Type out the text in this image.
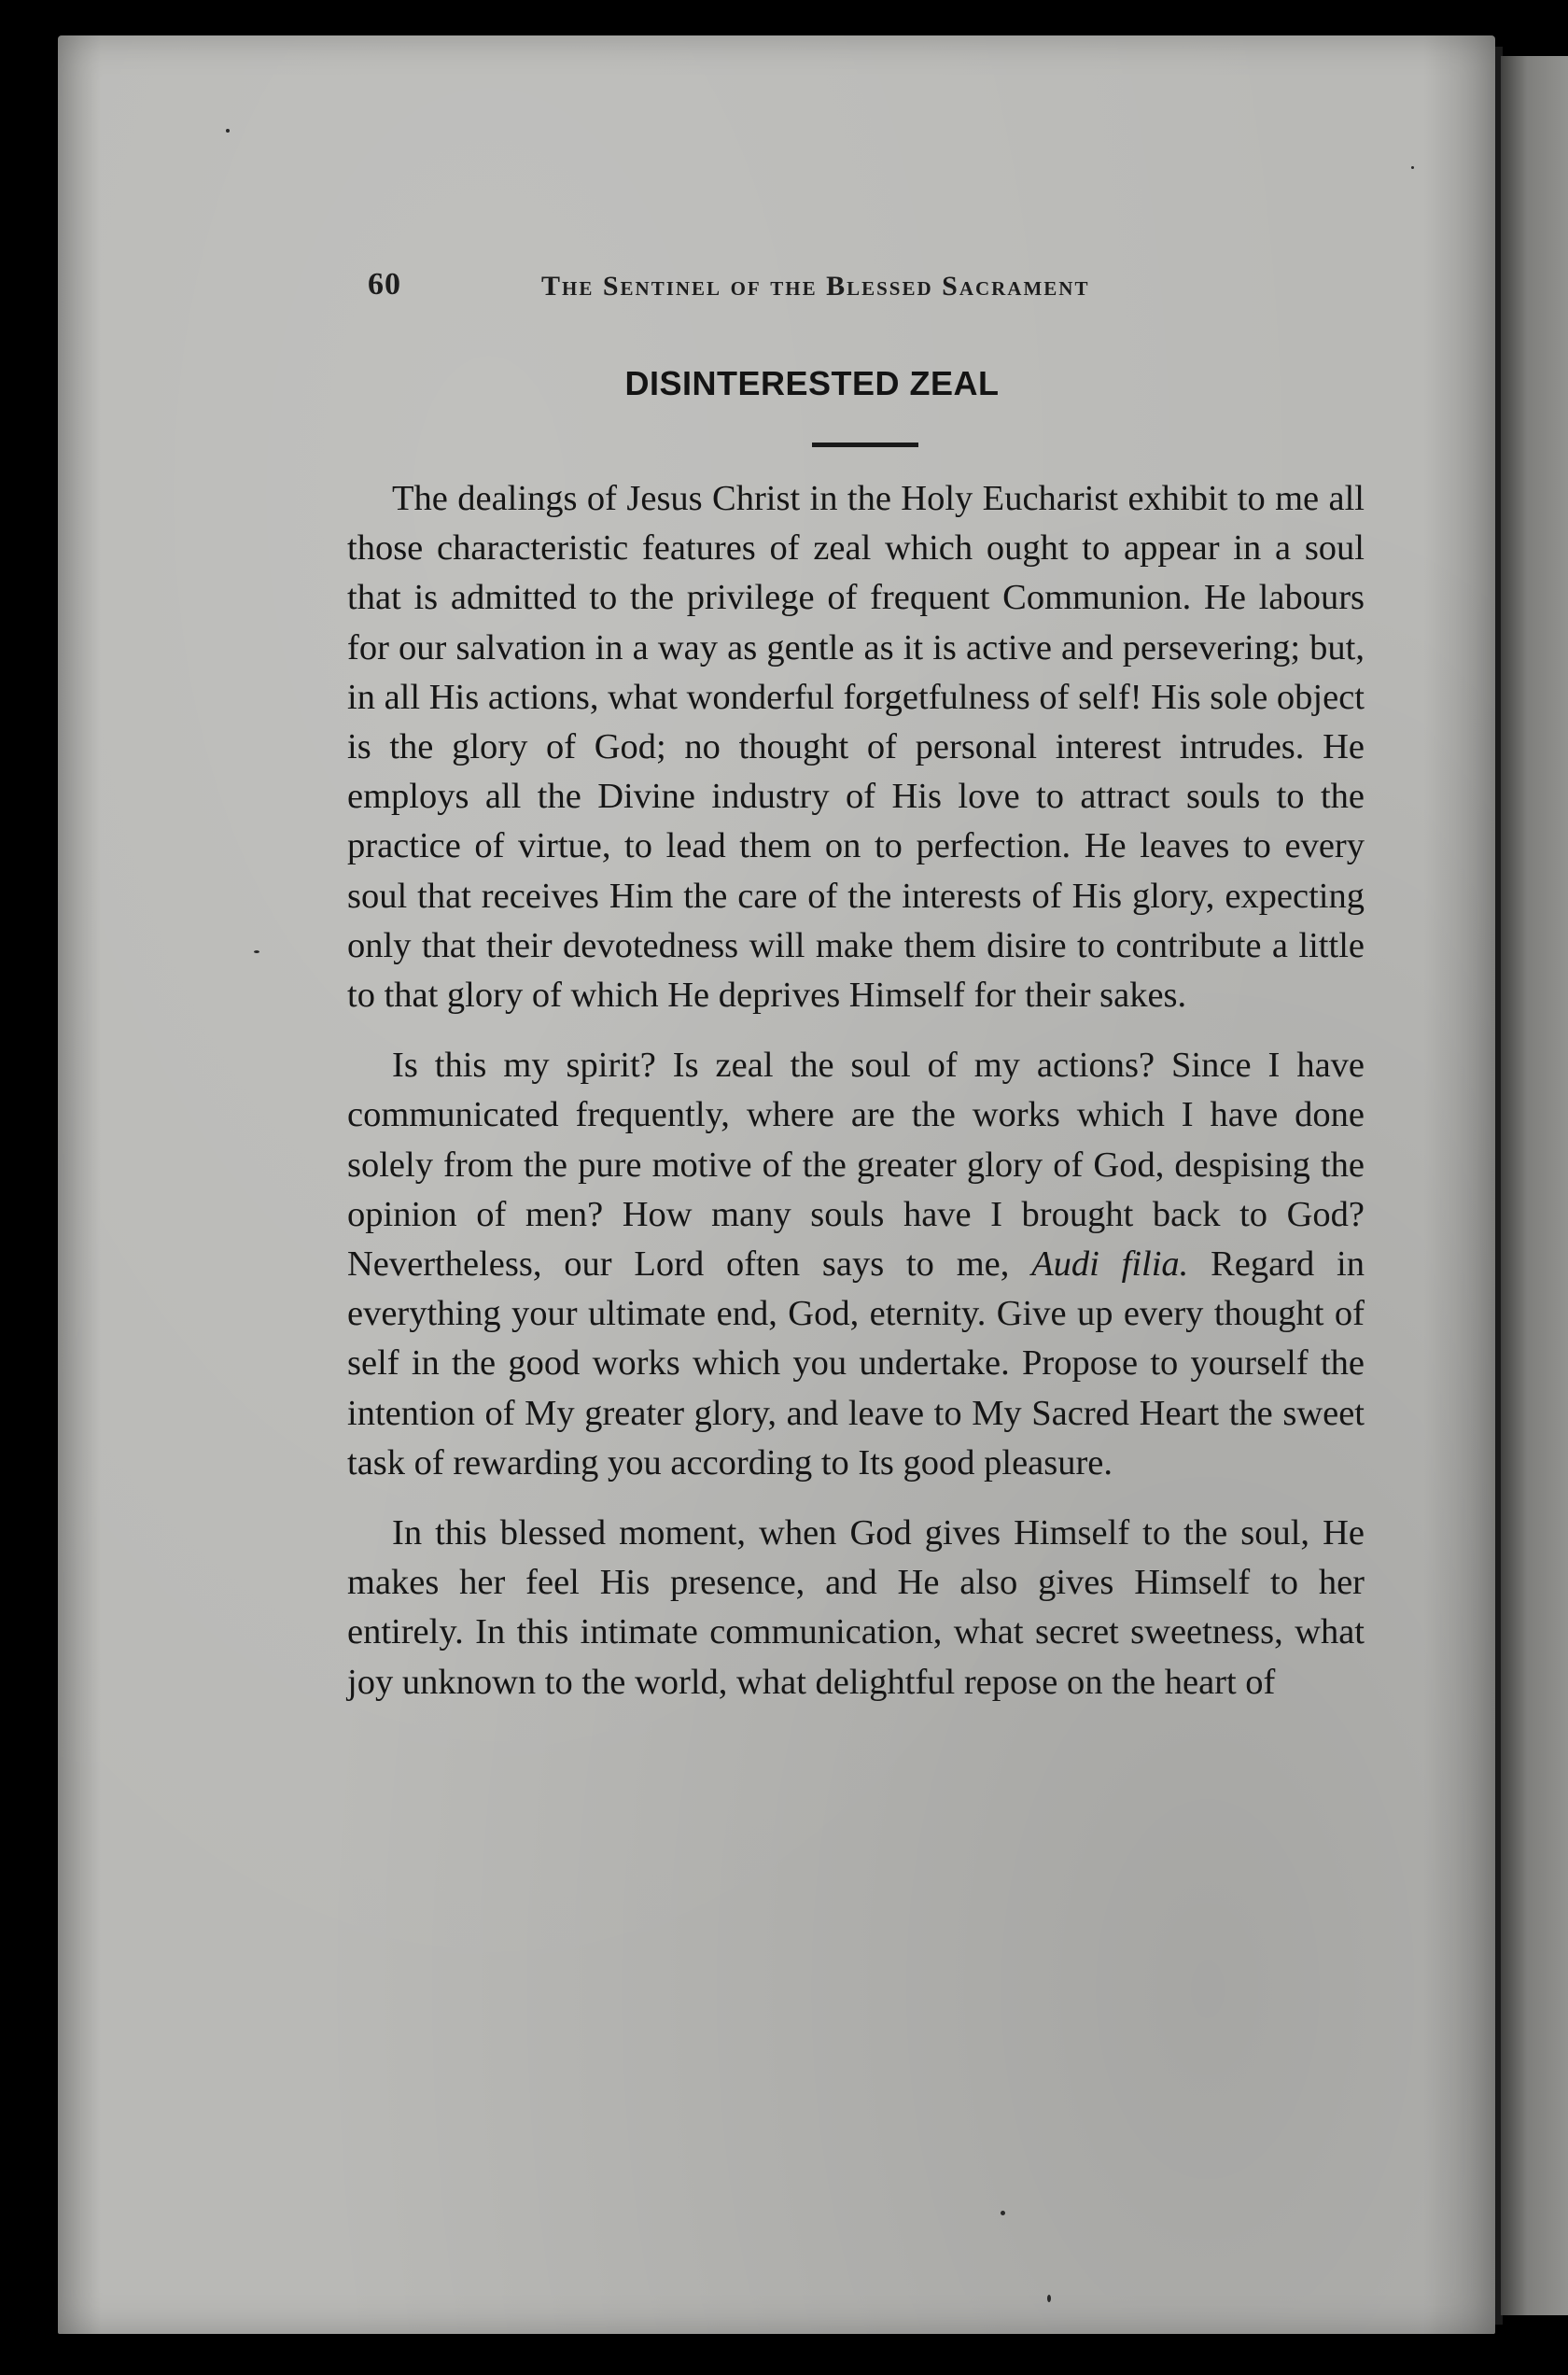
60	The Sentinel of the Blessed Sacrament
DISINTERESTED ZEAL

The dealings of Jesus Christ in the Holy Eucharist exhibit to me all those characteristic features of zeal which ought to appear in a soul that is admitted to the privilege of frequent Communion. He labours for our salvation in a way as gentle as it is active and persevering; but, in all His actions, what wonderful forgetfulness of self! His sole object is the glory of God; no thought of personal interest intrudes. He employs all the Divine industry of His love to attract souls to the practice of virtue, to lead them on to perfection. He leaves to every soul that receives Him the care of the interests of His glory, expecting only that their devotedness will make them disire to contribute a little to that glory of which He deprives Himself for their sakes.

Is this my spirit? Is zeal the soul of my actions? Since I have communicated frequently, where are the works which I have done solely from the pure motive of the greater glory of God, despising the opinion of men? How many souls have I brought back to God? Nevertheless, our Lord often says to me, Audi filia. Regard in everything your ultimate end, God, eternity. Give up every thought of self in the good works which you undertake. Propose to yourself the intention of My greater glory, and leave to My Sacred Heart the sweet task of rewarding you according to Its good pleasure.

In this blessed moment, when God gives Himself to the soul, He makes her feel His presence, and He also gives Himself to her entirely. In this intimate communication, what secret sweetness, what joy unknown to the world, what delightful repose on the heart of
